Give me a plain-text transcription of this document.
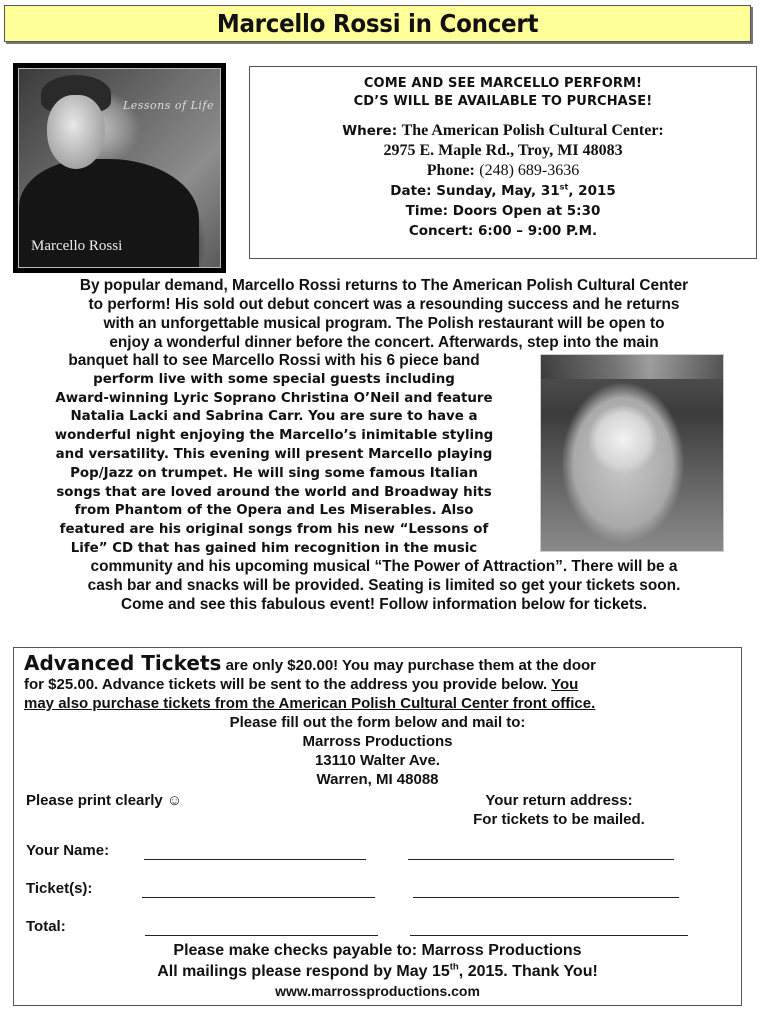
Marcello Rossi in Concert
Lessons of Life
Marcello Rossi
COME AND SEE MARCELLO PERFORM!
CD’S WILL BE AVAILABLE TO PURCHASE!
Where: The American Polish Cultural Center:
2975 E. Maple Rd., Troy, MI 48083
Phone: (248) 689-3636
Date: Sunday, May, 31st, 2015
Time: Doors Open at 5:30
Concert: 6:00 – 9:00 P.M.
By popular demand, Marcello Rossi returns to The American Polish Cultural Center
to perform! His sold out debut concert was a resounding success and he returns
with an unforgettable musical program. The Polish restaurant will be open to
enjoy a wonderful dinner before the concert. Afterwards, step into the main
banquet hall to see Marcello Rossi with his 6 piece band
perform live with some special guests including
Award-winning Lyric Soprano Christina O’Neil and feature
Natalia Lacki and Sabrina Carr. You are sure to have a
wonderful night enjoying the Marcello’s inimitable styling
and versatility. This evening will present Marcello playing
Pop/Jazz on trumpet. He will sing some famous Italian
songs that are loved around the world and Broadway hits
from Phantom of the Opera and Les Miserables. Also
featured are his original songs from his new “Lessons of
Life” CD that has gained him recognition in the music
community and his upcoming musical “The Power of Attraction”. There will be a
cash bar and snacks will be provided. Seating is limited so get your tickets soon.
Come and see this fabulous event! Follow information below for tickets.
Advanced Tickets are only $20.00! You may purchase them at the door
for $25.00. Advance tickets will be sent to the address you provide below. You
may also purchase tickets from the American Polish Cultural Center front office.
Please fill out the form below and mail to:
Marross Productions
13110 Walter Ave.
Warren, MI 48088
Please print clearly ☺	Your return address:
For tickets to be mailed.
Your Name:
Ticket(s):
Total:
Please make checks payable to: Marross Productions
All mailings please respond by May 15th, 2015. Thank You!
www.marrossproductions.com
